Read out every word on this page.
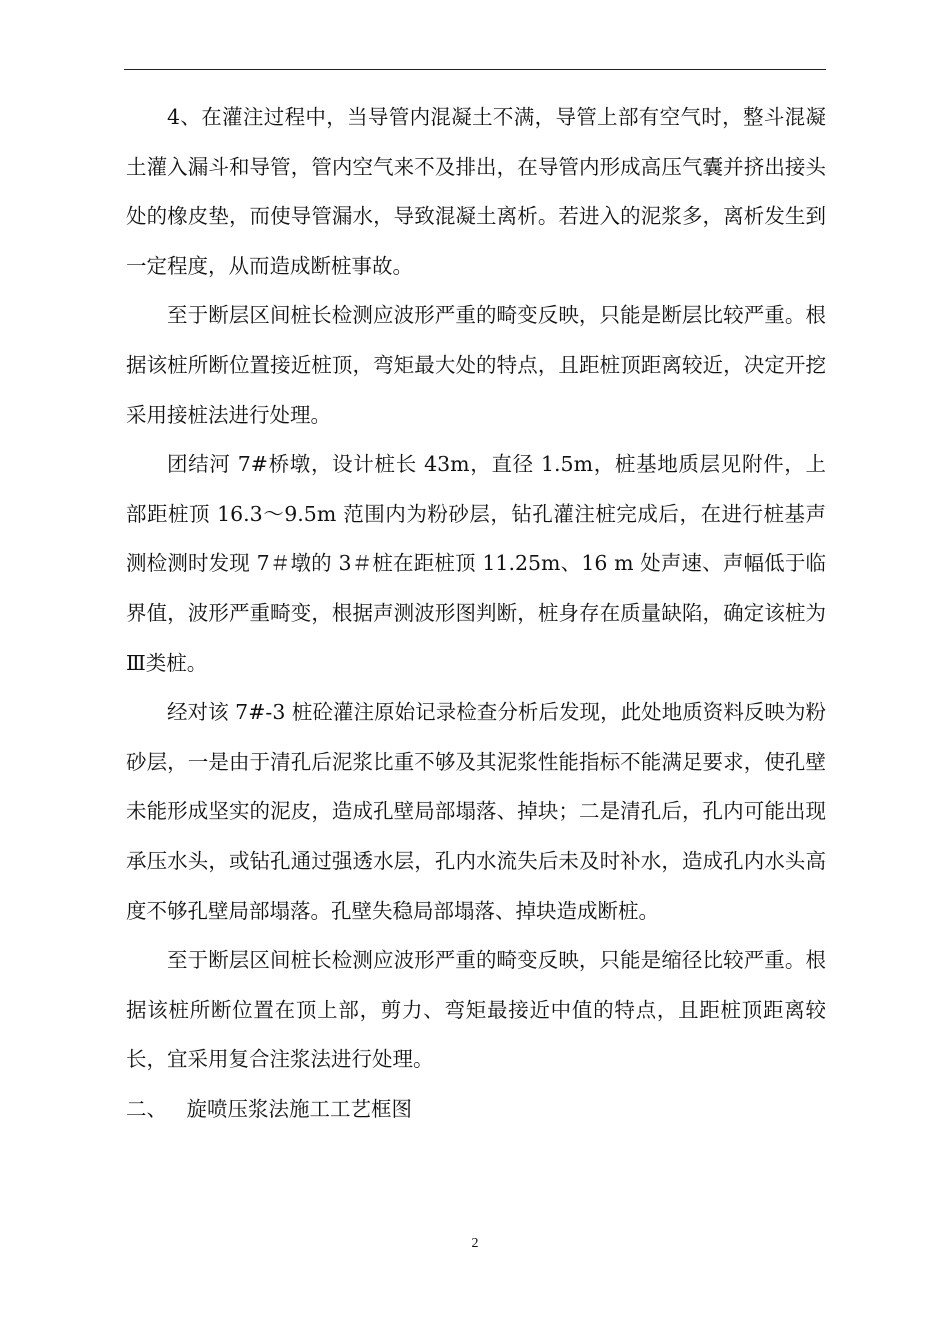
4、在灌注过程中，当导管内混凝土不满，导管上部有空气时，整斗混凝土灌入漏斗和导管，管内空气来不及排出，在导管内形成高压气囊并挤出接头处的橡皮垫，而使导管漏水，导致混凝土离析。若进入的泥浆多，离析发生到一定程度，从而造成断桩事故。

至于断层区间桩长检测应波形严重的畸变反映，只能是断层比较严重。根据该桩所断位置接近桩顶，弯矩最大处的特点，且距桩顶距离较近，决定开挖采用接桩法进行处理。

团结河 7#桥墩，设计桩长 43m，直径 1.5m，桩基地质层见附件，上部距桩顶 16.3～9.5m 范围内为粉砂层，钻孔灌注桩完成后，在进行桩基声测检测时发现 7＃墩的 3＃桩在距桩顶 11.25m、16 m 处声速、声幅低于临界值，波形严重畸变，根据声测波形图判断，桩身存在质量缺陷，确定该桩为Ⅲ类桩。

经对该 7#-3 桩砼灌注原始记录检查分析后发现，此处地质资料反映为粉砂层，一是由于清孔后泥浆比重不够及其泥浆性能指标不能满足要求，使孔壁未能形成坚实的泥皮，造成孔壁局部塌落、掉块；二是清孔后，孔内可能出现承压水头，或钻孔通过强透水层，孔内水流失后未及时补水，造成孔内水头高度不够孔壁局部塌落。孔壁失稳局部塌落、掉块造成断桩。

至于断层区间桩长检测应波形严重的畸变反映，只能是缩径比较严重。根据该桩所断位置在顶上部，剪力、弯矩最接近中值的特点，且距桩顶距离较长，宜采用复合注浆法进行处理。

二、   旋喷压浆法施工工艺框图

2
